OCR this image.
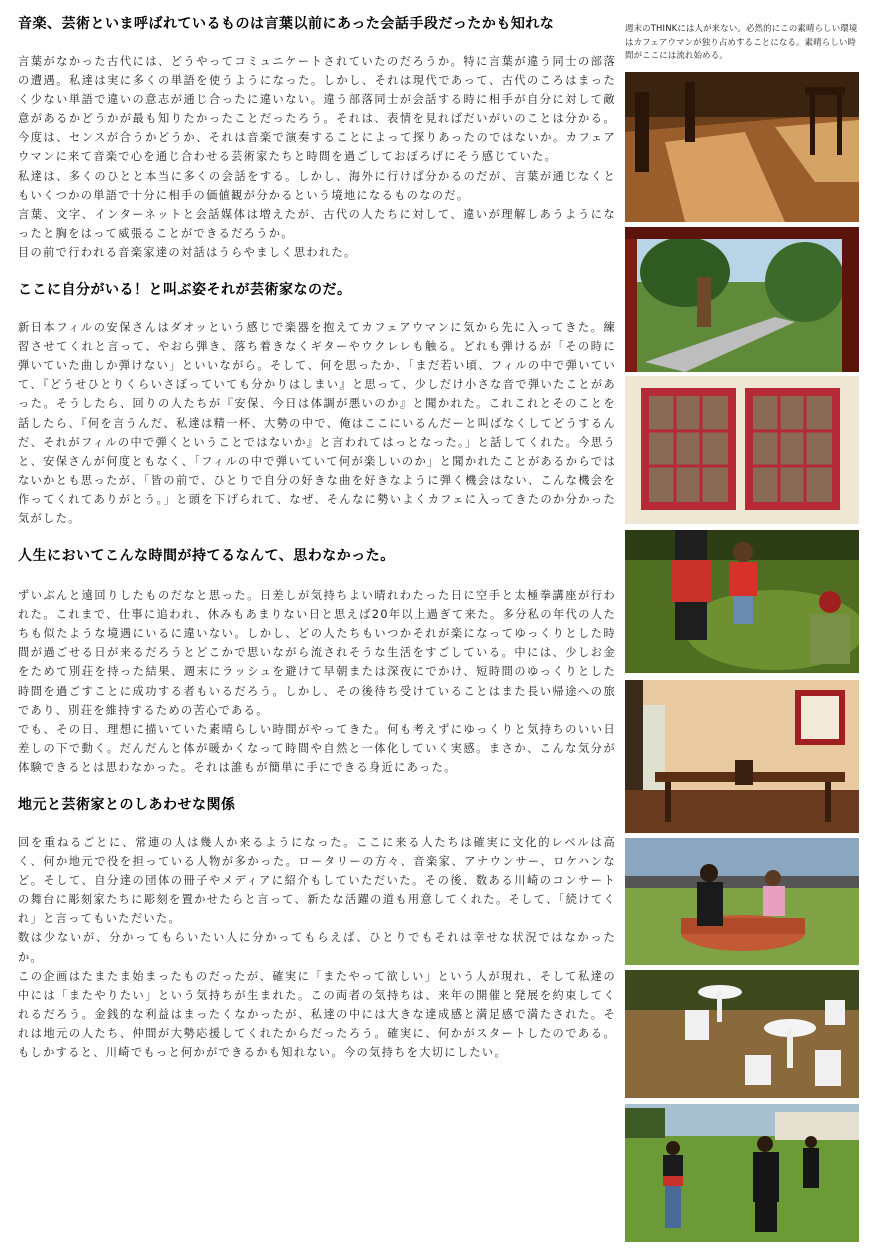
音楽、芸術といま呼ばれているものは言葉以前にあった会話手段だったかも知れな

言葉がなかった古代には、どうやってコミュニケートされていたのだろうか。特に言葉が違う同士の部落の遭遇。私達は実に多くの単語を使うようになった。しかし、それは現代であって、古代のころはまったく少ない単語で違いの意志が通じ合ったに違いない。違う部落同士が会話する時に相手が自分に対して敵意があるかどうかが最も知りたかったことだったろう。それは、表情を見ればだいがいのことは分かる。今度は、センスが合うかどうか、それは音楽で演奏することによって探りあったのではないか。カフェアウマンに来て音楽で心を通じ合わせる芸術家たちと時間を過ごしておぼろげにそう感じていた。

私達は、多くのひとと本当に多くの会話をする。しかし、海外に行けば分かるのだが、言葉が通じなくともいくつかの単語で十分に相手の価値観が分かるという境地になるものなのだ。

言葉、文字、インターネットと会話媒体は増えたが、古代の人たちに対して、違いが理解しあうようになったと胸をはって威張ることができるだろうか。

目の前で行われる音楽家達の対話はうらやましく思われた。

ここに自分がいる！と叫ぶ姿それが芸術家なのだ。

新日本フィルの安保さんはダオッという感じで楽器を抱えてカフェアウマンに気から先に入ってきた。練習させてくれと言って、やおら弾き、落ち着きなくギターやウクレレも触る。どれも弾けるが「その時に弾いていた曲しか弾けない」といいながら。そして、何を思ったか、「まだ若い頃、フィルの中で弾いていて、『どうせひとりくらいさぼっていても分かりはしまい』と思って、少しだけ小さな音で弾いたことがあった。そうしたら、回りの人たちが『安保、今日は体調が悪いのか』と聞かれた。これこれとそのことを話したら、『何を言うんだ、私達は精一杯、大勢の中で、俺はここにいるんだーと叫ばなくしてどうするんだ、それがフィルの中で弾くということではないか』と言われてはっとなった。」と話してくれた。今思うと、安保さんが何度ともなく、「フィルの中で弾いていて何が楽しいのか」と聞かれたことがあるからではないかとも思ったが、「皆の前で、ひとりで自分の好きな曲を好きなように弾く機会はない、こんな機会を作ってくれてありがとう。」と頭を下げられて、なぜ、そんなに勢いよくカフェに入ってきたのか分かった気がした。

人生においてこんな時間が持てるなんて、思わなかった。

ずいぶんと遠回りしたものだなと思った。日差しが気持ちよい晴れわたった日に空手と太極拳講座が行われた。これまで、仕事に追われ、休みもあまりない日と思えば20年以上過ぎて来た。多分私の年代の人たちも似たような境遇にいるに違いない。しかし、どの人たちもいつかそれが楽になってゆっくりとした時間が過ごせる日が来るだろうとどこかで思いながら流されそうな生活をすごしている。中には、少しお金をためて別荘を持った結果、週末にラッシュを避けて早朝または深夜にでかけ、短時間のゆっくりとした時間を過ごすことに成功する者もいるだろう。しかし、その後待ち受けていることはまた長い帰途への旅であり、別荘を維持するための苦心である。

でも、その日、理想に描いていた素晴らしい時間がやってきた。何も考えずにゆっくりと気持ちのいい日差しの下で動く。だんだんと体が暖かくなって時間や自然と一体化していく実感。まさか、こんな気分が体験できるとは思わなかった。それは誰もが簡単に手にできる身近にあった。

地元と芸術家とのしあわせな関係

回を重ねるごとに、常連の人は幾人か来るようになった。ここに来る人たちは確実に文化的レベルは高く、何か地元で役を担っている人物が多かった。ロータリーの方々、音楽家、アナウンサー、ロケハンなど。そして、自分達の団体の冊子やメディアに紹介もしていただいた。その後、数ある川崎のコンサートの舞台に彫刻家たちに彫刻を置かせたらと言って、新たな活躍の道も用意してくれた。そして、「続けてくれ」と言ってもいただいた。

数は少ないが、分かってもらいたい人に分かってもらえば、ひとりでもそれは幸せな状況ではなかったか。

この企画はたまたま始まったものだったが、確実に「またやって欲しい」という人が現れ、そして私達の中には「またやりたい」という気持ちが生まれた。この両者の気持ちは、来年の開催と発展を約束してくれるだろう。金銭的な利益はまったくなかったが、私達の中には大きな達成感と満足感で満たされた。それは地元の人たち、仲間が大勢応援してくれたからだったろう。確実に、何かがスタートしたのである。もしかすると、川崎でもっと何かができるかも知れない。今の気持ちを大切にしたい。

週末のTHINKには人が来ない。必然的にこの素晴らしい環境はカフェアウマンが独り占めすることになる。素晴らしい時間がここには流れ始める。
